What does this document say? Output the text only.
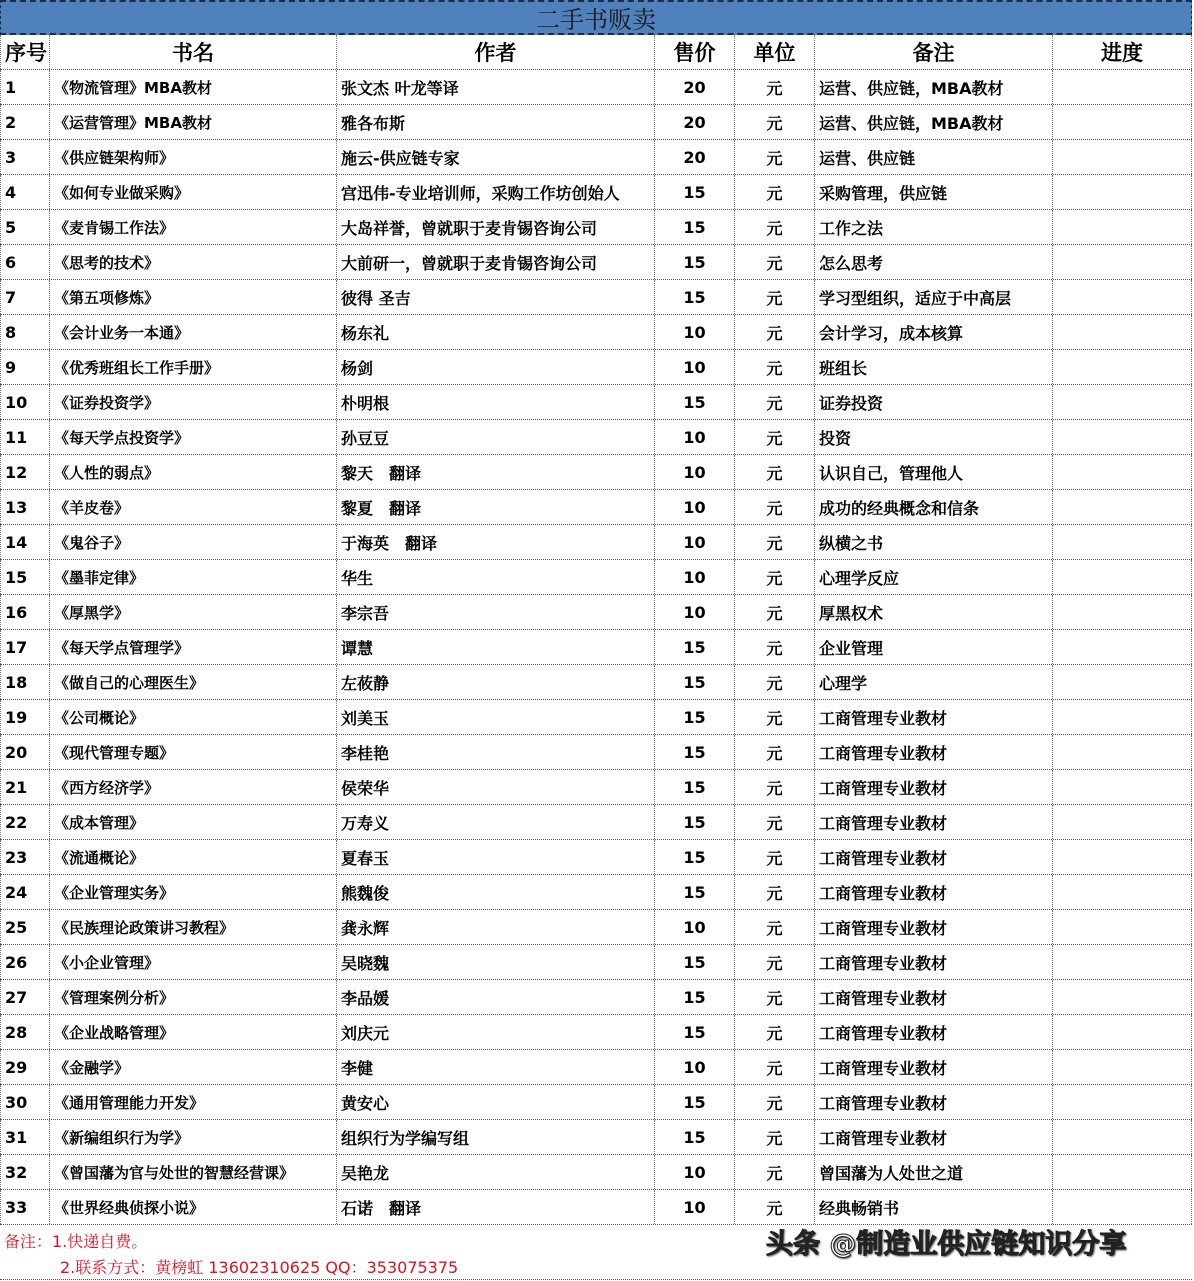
二手书贩卖
序号	书名	作者	售价	单位	备注	进度
1	《物流管理》MBA教材	张文杰 叶龙等译	20	元	运营、供应链，MBA教材
2	《运营管理》MBA教材	雅各布斯	20	元	运营、供应链，MBA教材
3	《供应链架构师》	施云-供应链专家	20	元	运营、供应链
4	《如何专业做采购》	宫迅伟-专业培训师，采购工作坊创始人	15	元	采购管理，供应链
5	《麦肯锡工作法》	大岛祥誉，曾就职于麦肯锡咨询公司	15	元	工作之法
6	《思考的技术》	大前研一，曾就职于麦肯锡咨询公司	15	元	怎么思考
7	《第五项修炼》	彼得 圣吉	15	元	学习型组织，适应于中高层
8	《会计业务一本通》	杨东礼	10	元	会计学习，成本核算
9	《优秀班组长工作手册》	杨剑	10	元	班组长
10	《证券投资学》	朴明根	15	元	证券投资
11	《每天学点投资学》	孙豆豆	10	元	投资
12	《人性的弱点》	黎天　翻译	10	元	认识自己，管理他人
13	《羊皮卷》	黎夏　翻译	10	元	成功的经典概念和信条
14	《鬼谷子》	于海英　翻译	10	元	纵横之书
15	《墨菲定律》	华生	10	元	心理学反应
16	《厚黑学》	李宗吾	10	元	厚黑权术
17	《每天学点管理学》	谭慧	15	元	企业管理
18	《做自己的心理医生》	左莜静	15	元	心理学
19	《公司概论》	刘美玉	15	元	工商管理专业教材
20	《现代管理专题》	李桂艳	15	元	工商管理专业教材
21	《西方经济学》	侯荣华	15	元	工商管理专业教材
22	《成本管理》	万寿义	15	元	工商管理专业教材
23	《流通概论》	夏春玉	15	元	工商管理专业教材
24	《企业管理实务》	熊魏俊	15	元	工商管理专业教材
25	《民族理论政策讲习教程》	龚永辉	10	元	工商管理专业教材
26	《小企业管理》	吴晓魏	15	元	工商管理专业教材
27	《管理案例分析》	李品媛	15	元	工商管理专业教材
28	《企业战略管理》	刘庆元	15	元	工商管理专业教材
29	《金融学》	李健	10	元	工商管理专业教材
30	《通用管理能力开发》	黄安心	15	元	工商管理专业教材
31	《新编组织行为学》	组织行为学编写组	15	元	工商管理专业教材
32	《曾国藩为官与处世的智慧经营课》	吴艳龙	10	元	曾国藩为人处世之道
33	《世界经典侦探小说》	石诺　翻译	10	元	经典畅销书
备注：1.快递自费。
2.联系方式：黄榜虹 13602310625 QQ：353075375
头条 @制造业供应链知识分享
